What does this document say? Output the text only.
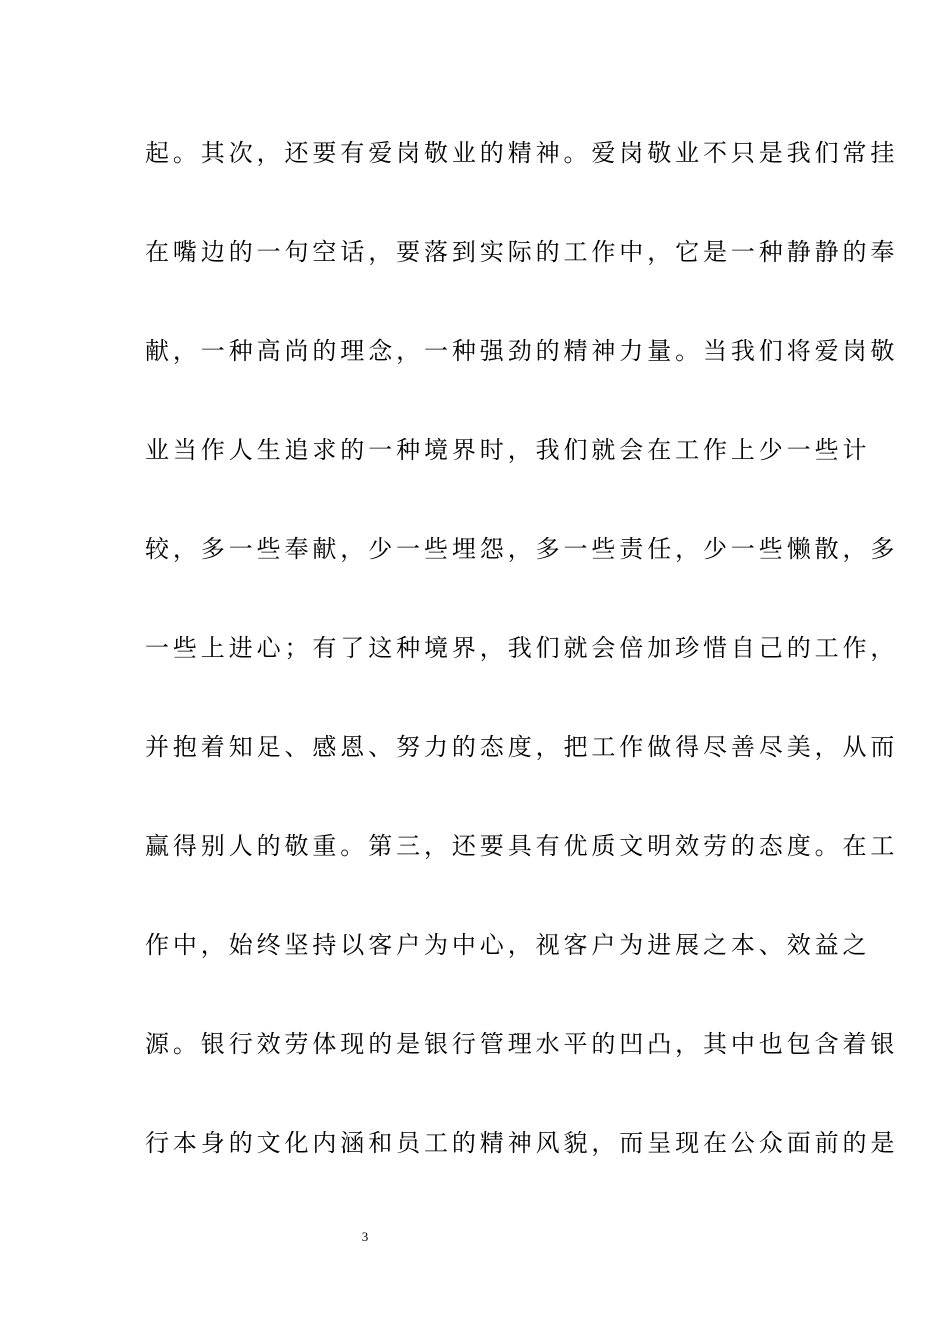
起。其次，还要有爱岗敬业的精神。爱岗敬业不只是我们常挂
在嘴边的一句空话，要落到实际的工作中，它是一种静静的奉
献，一种高尚的理念，一种强劲的精神力量。当我们将爱岗敬
业当作人生追求的一种境界时，我们就会在工作上少一些计
较，多一些奉献，少一些埋怨，多一些责任，少一些懒散，多
一些上进心；有了这种境界，我们就会倍加珍惜自己的工作，
并抱着知足、感恩、努力的态度，把工作做得尽善尽美，从而
赢得别人的敬重。第三，还要具有优质文明效劳的态度。在工
作中，始终坚持以客户为中心，视客户为进展之本、效益之
源。银行效劳体现的是银行管理水平的凹凸，其中也包含着银
行本身的文化内涵和员工的精神风貌，而呈现在公众面前的是
3
